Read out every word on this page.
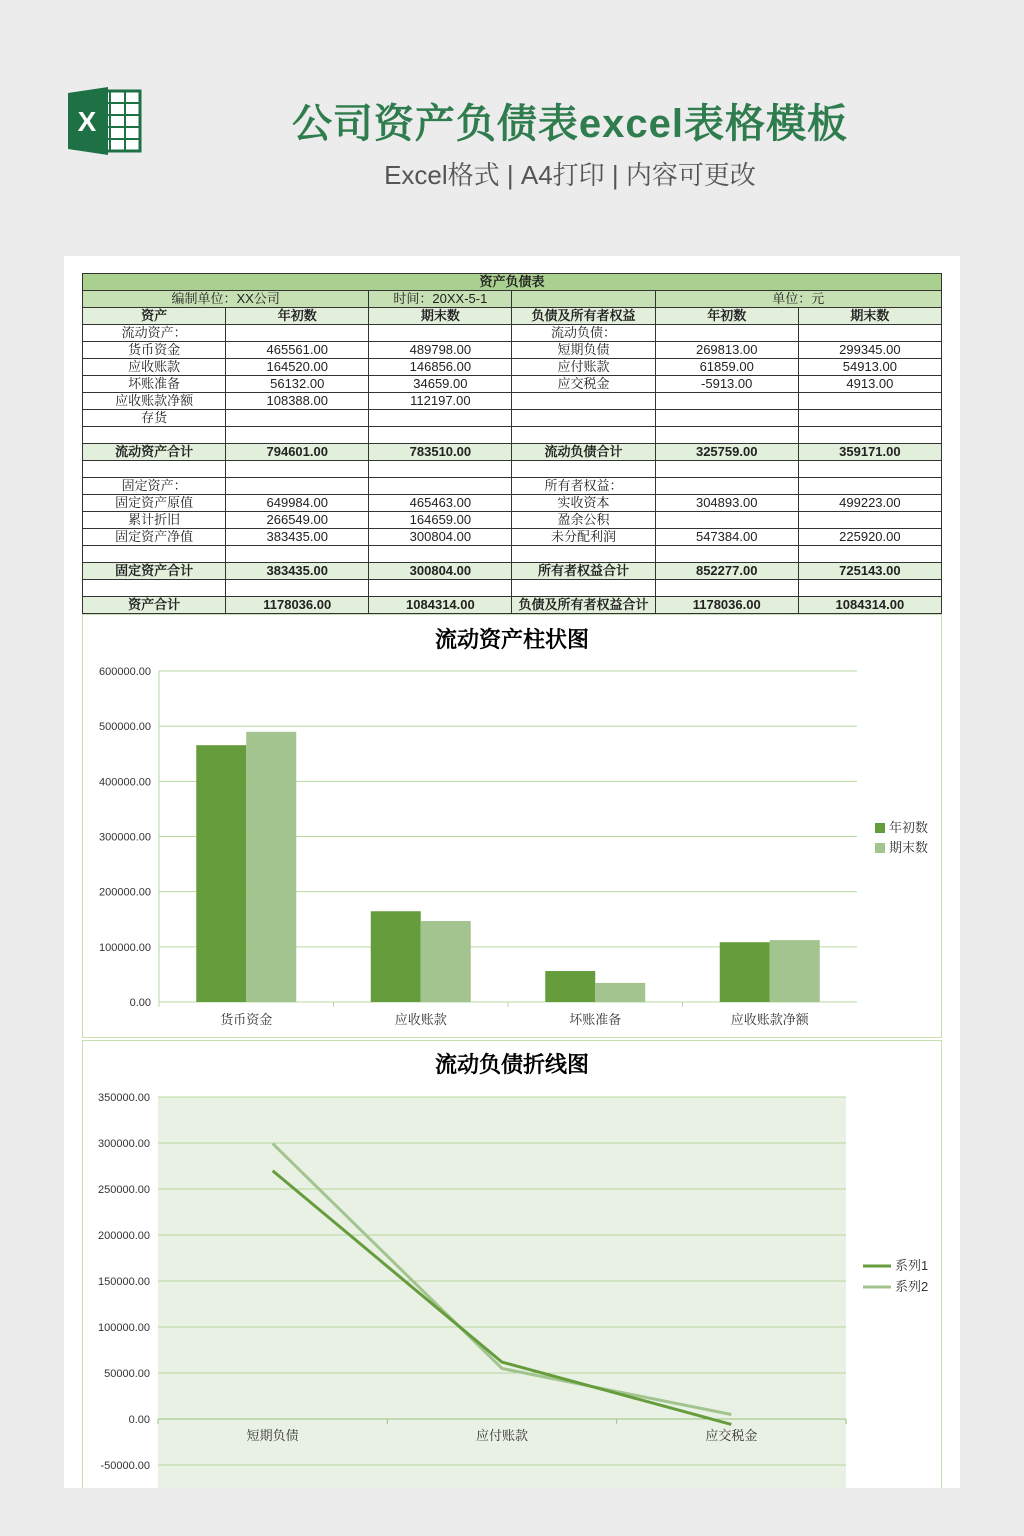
X	公司资产负债表excel表格模板
Excel格式 | A4打印 | 内容可更改
资产负债表					
编制单位：XX公司		时间：20XX-5-1		单位：元	
资产	年初数	期末数	负债及所有者权益	年初数	期末数
流动资产：			流动负债：		
货币资金	465561.00	489798.00	短期负债	269813.00	299345.00
应收账款	164520.00	146856.00	应付账款	61859.00	54913.00
坏账准备	56132.00	34659.00	应交税金	-5913.00	4913.00
应收账款净额	108388.00	112197.00			
存货					

流动资产合计	794601.00	783510.00	流动负债合计	325759.00	359171.00

固定资产：			所有者权益：		
固定资产原值	649984.00	465463.00	实收资本	304893.00	499223.00
累计折旧	266549.00	164659.00	盈余公积		
固定资产净值	383435.00	300804.00	未分配利润	547384.00	225920.00

固定资产合计	383435.00	300804.00	所有者权益合计	852277.00	725143.00

资产合计	1178036.00	1084314.00	负债及所有者权益合计	1178036.00	1084314.00
流动资产柱状图
0.00
100000.00
200000.00
300000.00
400000.00
500000.00
600000.00
货币资金	应收账款	坏账准备	应收账款净额
年初数
期末数
流动负债折线图
-50000.00
0.00
50000.00
100000.00
150000.00
200000.00
250000.00
300000.00
350000.00
短期负债	应付账款	应交税金
系列1
系列2
